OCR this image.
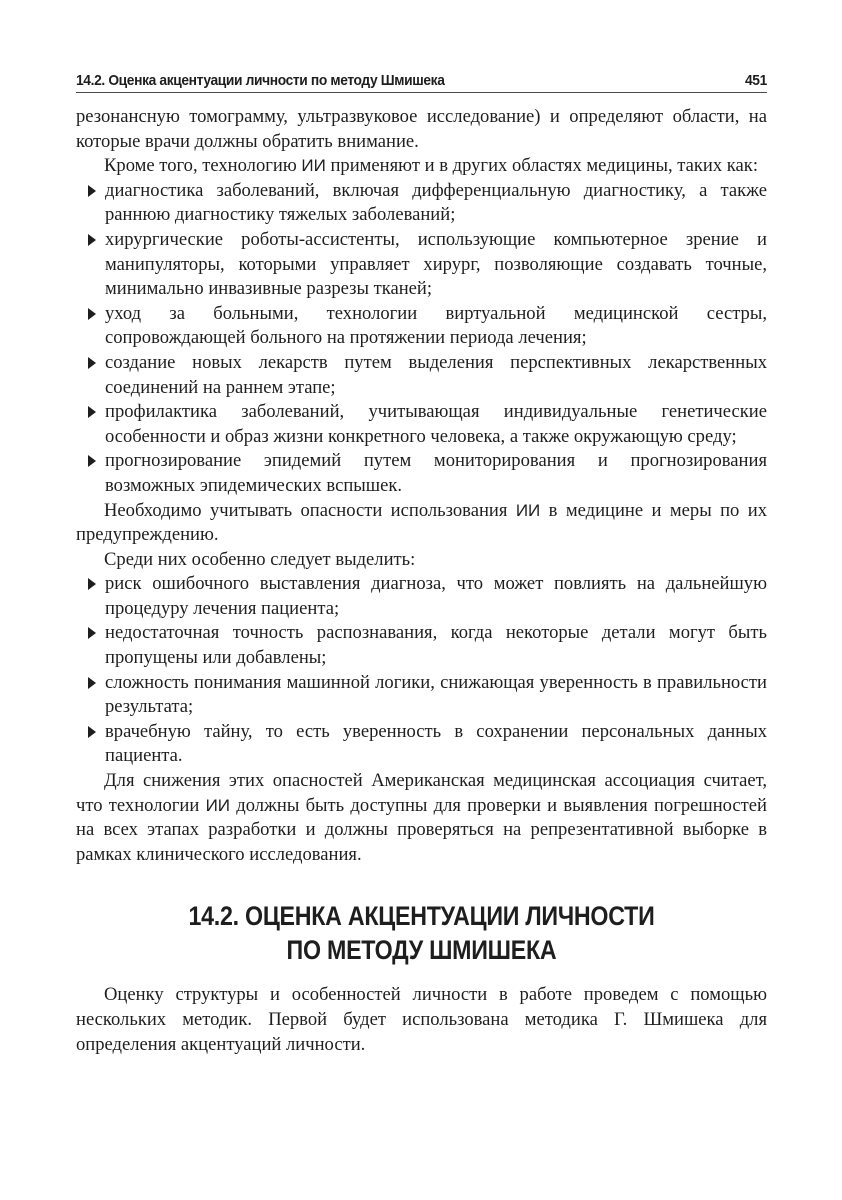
14.2. Оценка акцентуации личности по методу Шмишека	451

резонансную томограмму, ультразвуковое исследование) и определяют области, на которые врачи должны обратить внимание.

Кроме того, технологию ИИ применяют и в других областях медицины, таких как:

диагностика заболеваний, включая дифференциальную диагностику, а также раннюю диагностику тяжелых заболеваний;
хирургические роботы-ассистенты, использующие компьютерное зрение и манипуляторы, которыми управляет хирург, позволяющие создавать точные, минимально инвазивные разрезы тканей;
уход за больными, технологии виртуальной медицинской сестры, сопровождающей больного на протяжении периода лечения;
создание новых лекарств путем выделения перспективных лекарственных соединений на раннем этапе;
профилактика заболеваний, учитывающая индивидуальные генетические особенности и образ жизни конкретного человека, а также окружающую среду;
прогнозирование эпидемий путем мониторирования и прогнозирования возможных эпидемических вспышек.

Необходимо учитывать опасности использования ИИ в медицине и меры по их предупреждению.

Среди них особенно следует выделить:

риск ошибочного выставления диагноза, что может повлиять на дальнейшую процедуру лечения пациента;
недостаточная точность распознавания, когда некоторые детали могут быть пропущены или добавлены;
сложность понимания машинной логики, снижающая уверенность в правильности результата;
врачебную тайну, то есть уверенность в сохранении персональных данных пациента.

Для снижения этих опасностей Американская медицинская ассоциация считает, что технологии ИИ должны быть доступны для проверки и выявления погрешностей на всех этапах разработки и должны проверяться на репрезентативной выборке в рамках клинического исследования.

14.2. ОЦЕНКА АКЦЕНТУАЦИИ ЛИЧНОСТИ
ПО МЕТОДУ ШМИШЕКА

Оценку структуры и особенностей личности в работе проведем с помощью нескольких методик. Первой будет использована методика Г. Шмишека для определения акцентуаций личности.
